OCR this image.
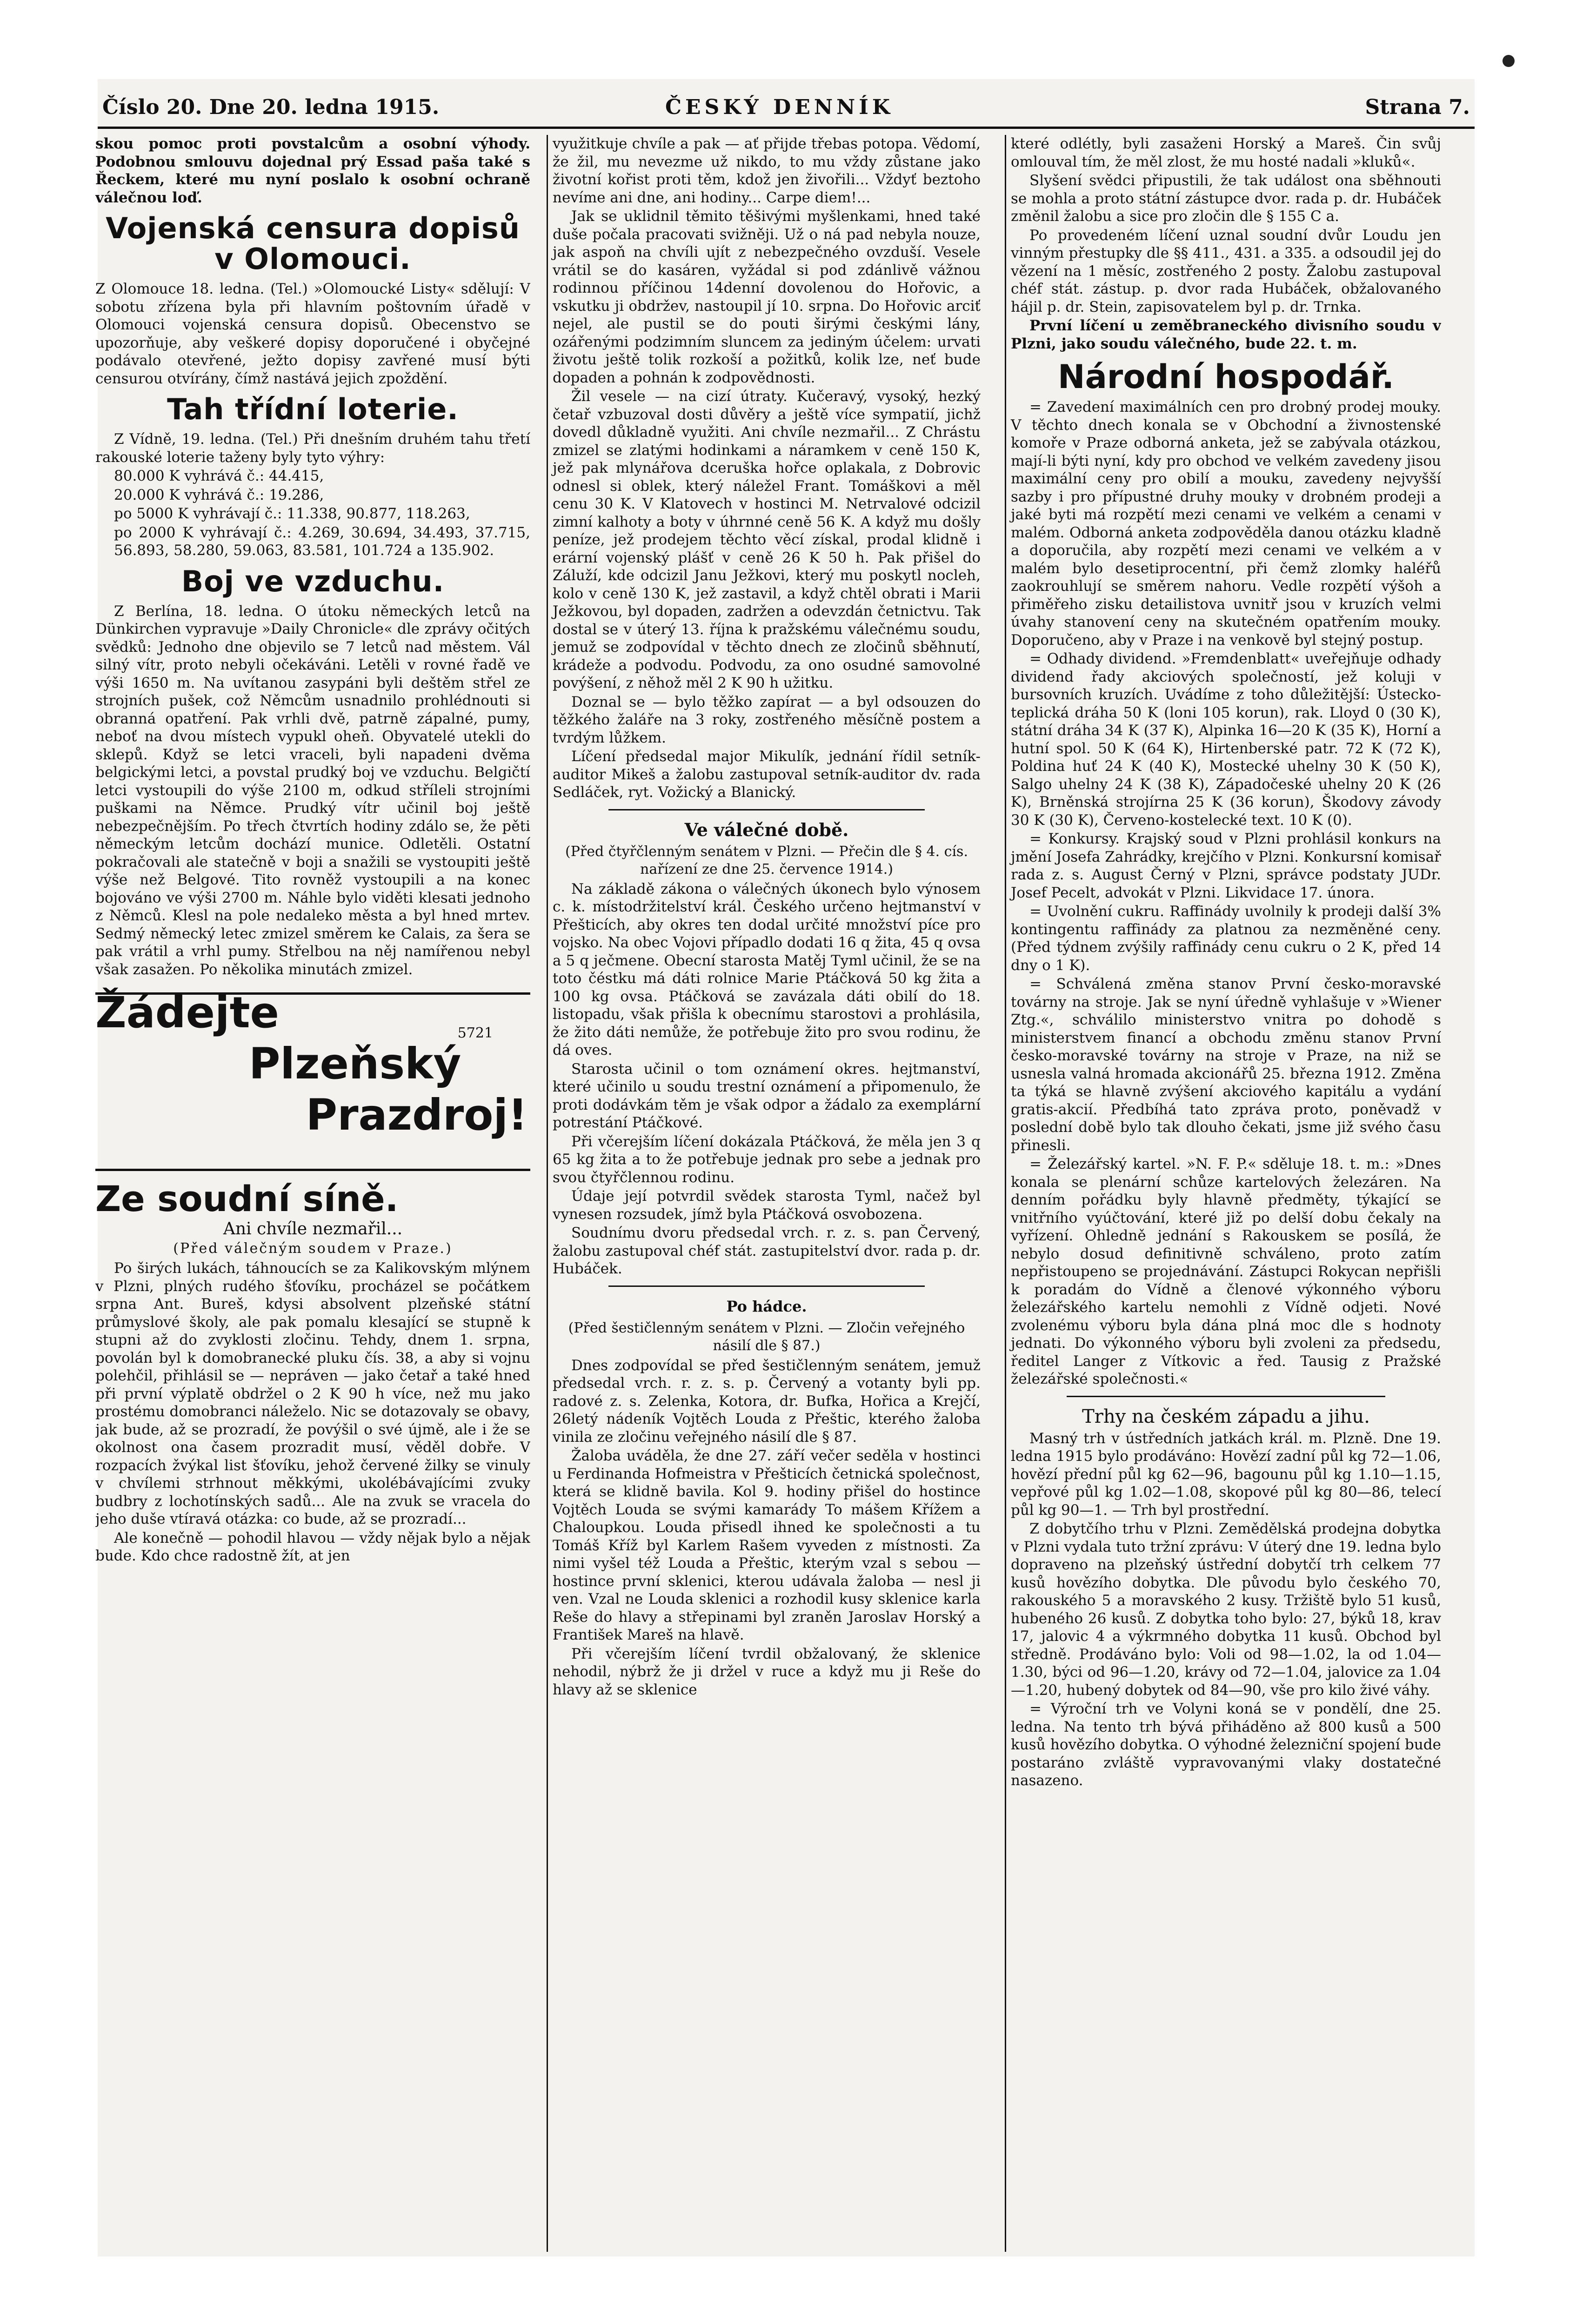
Číslo 20. Dne 20. ledna 1915.	ČESKÝ DENNÍK	Strana 7.

skou pomoc proti povstalcům a osobní výhody. Podobnou smlouvu dojednal prý Essad paša také s Řeckem, které mu nyní poslalo k osobní ochraně válečnou loď.

Vojenská censura dopisů v Olomouci.

Z Olomouce 18. ledna. (Tel.) »Olomoucké Listy« sdělují: V sobotu zřízena byla při hlavním poštovním úřadě v Olomouci vojenská censura dopisů. Obecenstvo se upozorňuje, aby veškeré dopisy doporučené i obyčejné podávalo otevřené, ježto dopisy zavřené musí býti censurou otvírány, čímž nastává jejich zpoždění.

Tah třídní loterie.

Z Vídně, 19. ledna. (Tel.) Při dnešním druhém tahu třetí rakouské loterie taženy byly tyto výhry:

80.000 K vyhrává č.: 44.415,

20.000 K vyhrává č.: 19.286,

po 5000 K vyhrávají č.: 11.338, 90.877, 118.263,

po 2000 K vyhrávají č.: 4.269, 30.694, 34.493, 37.715, 56.893, 58.280, 59.063, 83.581, 101.724 a 135.902.

Boj ve vzduchu.

Z Berlína, 18. ledna. O útoku německých letců na Dünkirchen vypravuje »Daily Chronicle« dle zprávy očitých svědků: Jednoho dne objevilo se 7 letců nad městem. Vál silný vítr, proto nebyli očekáváni. Letěli v rovné řadě ve výši 1650 m. Na uvítanou zasypáni byli deštěm střel ze strojních pušek, což Němcům usnadnilo prohlédnouti si obranná opatření. Pak vrhli dvě, patrně zápalné, pumy, neboť na dvou místech vypukl oheň. Obyvatelé utekli do sklepů. Když se letci vraceli, byli napadeni dvěma belgickými letci, a povstal prudký boj ve vzduchu. Belgičtí letci vystoupili do výše 2100 m, odkud stříleli strojními puškami na Němce. Prudký vítr učinil boj ještě nebezpečnějším. Po třech čtvrtích hodiny zdálo se, že pěti německým letcům dochází munice. Odletěli. Ostatní pokračovali ale statečně v boji a snažili se vystoupiti ještě výše než Belgové. Tito rovněž vystoupili a na konec bojováno ve výši 2700 m. Náhle bylo viděti klesati jednoho z Němců. Klesl na pole nedaleko města a byl hned mrtev. Sedmý německý letec zmizel směrem ke Calais, za šera se pak vrátil a vrhl pumy. Střelbou na něj namířenou nebyl však zasažen. Po několika minutách zmizel.

Žádejte	5721
Plzeňský
Prazdroj!
Ze soudní síně.
Ani chvíle nezmařil...
(Před válečným soudem v Praze.)

Po širých lukách, táhnoucích se za Kalikovským mlýnem v Plzni, plných rudého šťovíku, procházel se počátkem srpna Ant. Bureš, kdysi absolvent plzeňské státní průmyslové školy, ale pak pomalu klesající se stupně k stupni až do zvyklosti zločinu. Tehdy, dnem 1. srpna, povolán byl k domobranecké pluku čís. 38, a aby si vojnu polehčil, přihlásil se — nepráven — jako četař a také hned při první výplatě obdržel o 2 K 90 h více, než mu jako prostému domobranci náleželo. Nic se dotazovaly se obavy, jak bude, až se prozradí, že povýšil o své újmě, ale i že se okolnost ona časem prozradit musí, věděl dobře. V rozpacích žvýkal list šťovíku, jehož červené žilky se vinuly v chvílemi strhnout měkkými, ukolébávajícími zvuky budbry z lochotínských sadů... Ale na zvuk se vracela do jeho duše vtíravá otázka: co bude, až se prozradí...

Ale konečně — pohodil hlavou — vždy nějak bylo a nějak bude. Kdo chce radostně žít, at jen

využitkuje chvíle a pak — ať přijde třebas potopa. Vědomí, že žil, mu nevezme už nikdo, to mu vždy zůstane jako životní kořist proti těm, kdož jen živořili... Vždyť beztoho nevíme ani dne, ani hodiny... Carpe diem!...

Jak se uklidnil těmito těšivými myšlenkami, hned také duše počala pracovati svižněji. Už o ná pad nebyla nouze, jak aspoň na chvíli ujít z nebezpečného ovzduší. Vesele vrátil se do kasáren, vyžádal si pod zdánlivě vážnou rodinnou příčinou 14denní dovolenou do Hořovic, a vskutku ji obdržev, nastoupil jí 10. srpna. Do Hořovic arciť nejel, ale pustil se do pouti širými českými lány, ozářenými podzimním sluncem za jediným účelem: urvati životu ještě tolik rozkoší a požitků, kolik lze, neť bude dopaden a pohnán k zodpovědnosti.

Žil vesele — na cizí útraty. Kučeravý, vysoký, hezký četař vzbuzoval dosti důvěry a ještě více sympatií, jichž dovedl důkladně využiti. Ani chvíle nezmařil... Z Chrástu zmizel se zlatými hodinkami a náramkem v ceně 150 K, jež pak mlynářova dceruška hořce oplakala, z Dobrovic odnesl si oblek, který náležel Frant. Tomáškovi a měl cenu 30 K. V Klatovech v hostinci M. Netrvalové odcizil zimní kalhoty a boty v úhrnné ceně 56 K. A když mu došly peníze, jež prodejem těchto věcí získal, prodal klidně i erární vojenský plášť v ceně 26 K 50 h. Pak přišel do Záluží, kde odcizil Janu Ježkovi, který mu poskytl nocleh, kolo v ceně 130 K, jež zastavil, a když chtěl obrati i Marii Ježkovou, byl dopaden, zadržen a odevzdán četnictvu. Tak dostal se v úterý 13. října k pražskému válečnému soudu, jemuž se zodpovídal v těchto dnech ze zločinů sběhnutí, krádeže a podvodu. Podvodu, za ono osudné samovolné povýšení, z něhož měl 2 K 90 h užitku.

Doznal se — bylo těžko zapírat — a byl odsouzen do těžkého žaláře na 3 roky, zostřeného měsíčně postem a tvrdým lůžkem.

Líčení předsedal major Mikulík, jednání řídil setník-auditor Mikeš a žalobu zastupoval setník-auditor dv. rada Sedláček, ryt. Vožický a Blanický.

Ve válečné době.
(Před čtyřčlenným senátem v Plzni. — Přečin dle § 4. cís. nařízení ze dne 25. července 1914.)

Na základě zákona o válečných úkonech bylo výnosem c. k. místodržitelství král. Českého určeno hejtmanství v Přešticích, aby okres ten dodal určité množství píce pro vojsko. Na obec Vojovi případlo dodati 16 q žita, 45 q ovsa a 5 q ječmene. Obecní starosta Matěj Tyml učinil, že se na toto čéstku má dáti rolnice Marie Ptáčková 50 kg žita a 100 kg ovsa. Ptáčková se zavázala dáti obilí do 18. listopadu, však přišla k obecnímu starostovi a prohlásila, že žito dáti nemůže, že potřebuje žito pro svou rodinu, že dá oves.

Starosta učinil o tom oznámení okres. hejtmanství, které učinilo u soudu trestní oznámení a připomenulo, že proti dodávkám těm je však odpor a žádalo za exemplární potrestání Ptáčkové.

Při včerejším líčení dokázala Ptáčková, že měla jen 3 q 65 kg žita a to že potřebuje jednak pro sebe a jednak pro svou čtyřčlennou rodinu.

Údaje její potvrdil svědek starosta Tyml, načež byl vynesen rozsudek, jímž byla Ptáčková osvobozena.

Soudnímu dvoru předsedal vrch. r. z. s. pan Červený, žalobu zastupoval chéf stát. zastupitelství dvor. rada p. dr. Hubáček.

Po hádce.
(Před šestičlenným senátem v Plzni. — Zločin veřejného násilí dle § 87.)

Dnes zodpovídal se před šestičlenným senátem, jemuž předsedal vrch. r. z. s. p. Červený a votanty byli pp. radové z. s. Zelenka, Kotora, dr. Bufka, Hořica a Krejčí, 26letý nádeník Vojtěch Louda z Přeštic, kterého žaloba vinila ze zločinu veřejného násilí dle § 87.

Žaloba uváděla, že dne 27. září večer seděla v hostinci u Ferdinanda Hofmeistra v Přešticích četnická společnost, která se klidně bavila. Kol 9. hodiny přišel do hostince Vojtěch Louda se svými kamarády To mášem Křížem a Chaloupkou. Louda přisedl ihned ke společnosti a tu Tomáš Kříž byl Karlem Rašem vyveden z místnosti. Za nimi vyšel též Louda a Přeštic, kterým vzal s sebou — hostince první sklenici, kterou udávala žaloba — nesl ji ven. Vzal ne Louda sklenici a rozhodil kusy sklenice karla Reše do hlavy a střepinami byl zraněn Jaroslav Horský a František Mareš na hlavě.

Při včerejším líčení tvrdil obžalovaný, že sklenice nehodil, nýbrž že ji držel v ruce a když mu ji Reše do hlavy až se sklenice

které odlétly, byli zasaženi Horský a Mareš. Čin svůj omlouval tím, že měl zlost, že mu hosté nadali »kluků«.

Slyšení svědci připustili, že tak událost ona sběhnouti se mohla a proto státní zástupce dvor. rada p. dr. Hubáček změnil žalobu a sice pro zločin dle § 155 C a.

Po provedeném líčení uznal soudní dvůr Loudu jen vinným přestupky dle §§ 411., 431. a 335. a odsoudil jej do vězení na 1 měsíc, zostřeného 2 posty. Žalobu zastupoval chéf stát. zástup. p. dvor rada Hubáček, obžalovaného hájil p. dr. Stein, zapisovatelem byl p. dr. Trnka.

První líčení u zeměbraneckého divisního soudu v Plzni, jako soudu válečného, bude 22. t. m.

Národní hospodář.

= Zavedení maximálních cen pro drobný prodej mouky. V těchto dnech konala se v Obchodní a živnostenské komoře v Praze odborná anketa, jež se zabývala otázkou, mají-li býti nyní, kdy pro obchod ve velkém zavedeny jisou maximální ceny pro obilí a mouku, zavedeny nejvyšší sazby i pro přípustné druhy mouky v drobném prodeji a jaké byti má rozpětí mezi cenami ve velkém a cenami v malém. Odborná anketa zodpověděla danou otázku kladně a doporučila, aby rozpětí mezi cenami ve velkém a v malém bylo desetiprocentní, při čemž zlomky haléřů zaokrouhlují se směrem nahoru. Vedle rozpětí výšoh a přiměřeho zisku detailistova uvnitř jsou v kruzích velmi úvahy stanovení ceny na skutečném opatřením mouky. Doporučeno, aby v Praze i na venkově byl stejný postup.

= Odhady dividend. »Fremdenblatt« uveřejňuje odhady dividend řady akciových společností, jež koluji v bursovních kruzích. Uvádíme z toho důležitější: Ústecko-teplická dráha 50 K (loni 105 korun), rak. Lloyd 0 (30 K), státní dráha 34 K (37 K), Alpinka 16—20 K (35 K), Horní a hutní spol. 50 K (64 K), Hirtenberské patr. 72 K (72 K), Poldina huť 24 K (40 K), Mostecké uhelny 30 K (50 K), Salgo uhelny 24 K (38 K), Západočeské uhelny 20 K (26 K), Brněnská strojírna 25 K (36 korun), Škodovy závody 30 K (30 K), Červeno-kostelecké text. 10 K (0).

= Konkursy. Krajský soud v Plzni prohlásil konkurs na jmění Josefa Zahrádky, krejčího v Plzni. Konkursní komisař rada z. s. August Černý v Plzni, správce podstaty JUDr. Josef Pecelt, advokát v Plzni. Likvidace 17. února.

= Uvolnění cukru. Raffinády uvolnily k prodeji další 3% kontingentu raffinády za platnou za nezměněné ceny. (Před týdnem zvýšily raffinády cenu cukru o 2 K, před 14 dny o 1 K).

= Schválená změna stanov První česko-moravské továrny na stroje. Jak se nyní úředně vyhlašuje v »Wiener Ztg.«, schválilo ministerstvo vnitra po dohodě s ministerstvem financí a obchodu změnu stanov První česko-moravské továrny na stroje v Praze, na niž se usnesla valná hromada akcionářů 25. března 1912. Změna ta týká se hlavně zvýšení akciového kapitálu a vydání gratis-akcií. Předbíhá tato zpráva proto, poněvadž v poslední době bylo tak dlouho čekati, jsme již svého času přinesli.

= Železářský kartel. »N. F. P.« sděluje 18. t. m.: »Dnes konala se plenární schůze kartelových železáren. Na denním pořádku byly hlavně předměty, týkající se vnitřního vyúčtování, které již po delší dobu čekaly na vyřízení. Ohledně jednání s Rakouskem se posílá, že nebylo dosud definitivně schváleno, proto zatím nepřistoupeno se projednávání. Zástupci Rokycan nepřišli k poradám do Vídně a členové výkonného výboru železářského kartelu nemohli z Vídně odjeti. Nové zvolenému výboru byla dána plná moc dle s hodnoty jednati. Do výkonného výboru byli zvoleni za předsedu, ředitel Langer z Vítkovic a řed. Tausig z Pražské železářské společnosti.«

Trhy na českém západu a jihu.

Masný trh v ústředních jatkách král. m. Plzně. Dne 19. ledna 1915 bylo prodáváno: Hovězí zadní půl kg 72—1.06, hovězí přední půl kg 62—96, bagounu půl kg 1.10—1.15, vepřové půl kg 1.02—1.08, skopové půl kg 80—86, telecí půl kg 90—1. — Trh byl prostřední.

Z dobytčího trhu v Plzni. Zemědělská prodejna dobytka v Plzni vydala tuto tržní zprávu: V úterý dne 19. ledna bylo dopraveno na plzeňský ústřední dobytčí trh celkem 77 kusů hovězího dobytka. Dle původu bylo českého 70, rakouského 5 a moravského 2 kusy. Tržiště bylo 51 kusů, hubeného 26 kusů. Z dobytka toho bylo: 27, býků 18, krav 17, jalovic 4 a výkrmného dobytka 11 kusů. Obchod byl středně. Prodáváno bylo: Voli od 98—1.02, la od 1.04—1.30, býci od 96—1.20, krávy od 72—1.04, jalovice za 1.04—1.20, hubený dobytek od 84—90, vše pro kilo živé váhy.

= Výroční trh ve Volyni koná se v pondělí, dne 25. ledna. Na tento trh bývá přiháděno až 800 kusů a 500 kusů hovězího dobytka. O výhodné železniční spojení bude postaráno zvláště vypravovanými vlaky dostatečné nasazeno.
